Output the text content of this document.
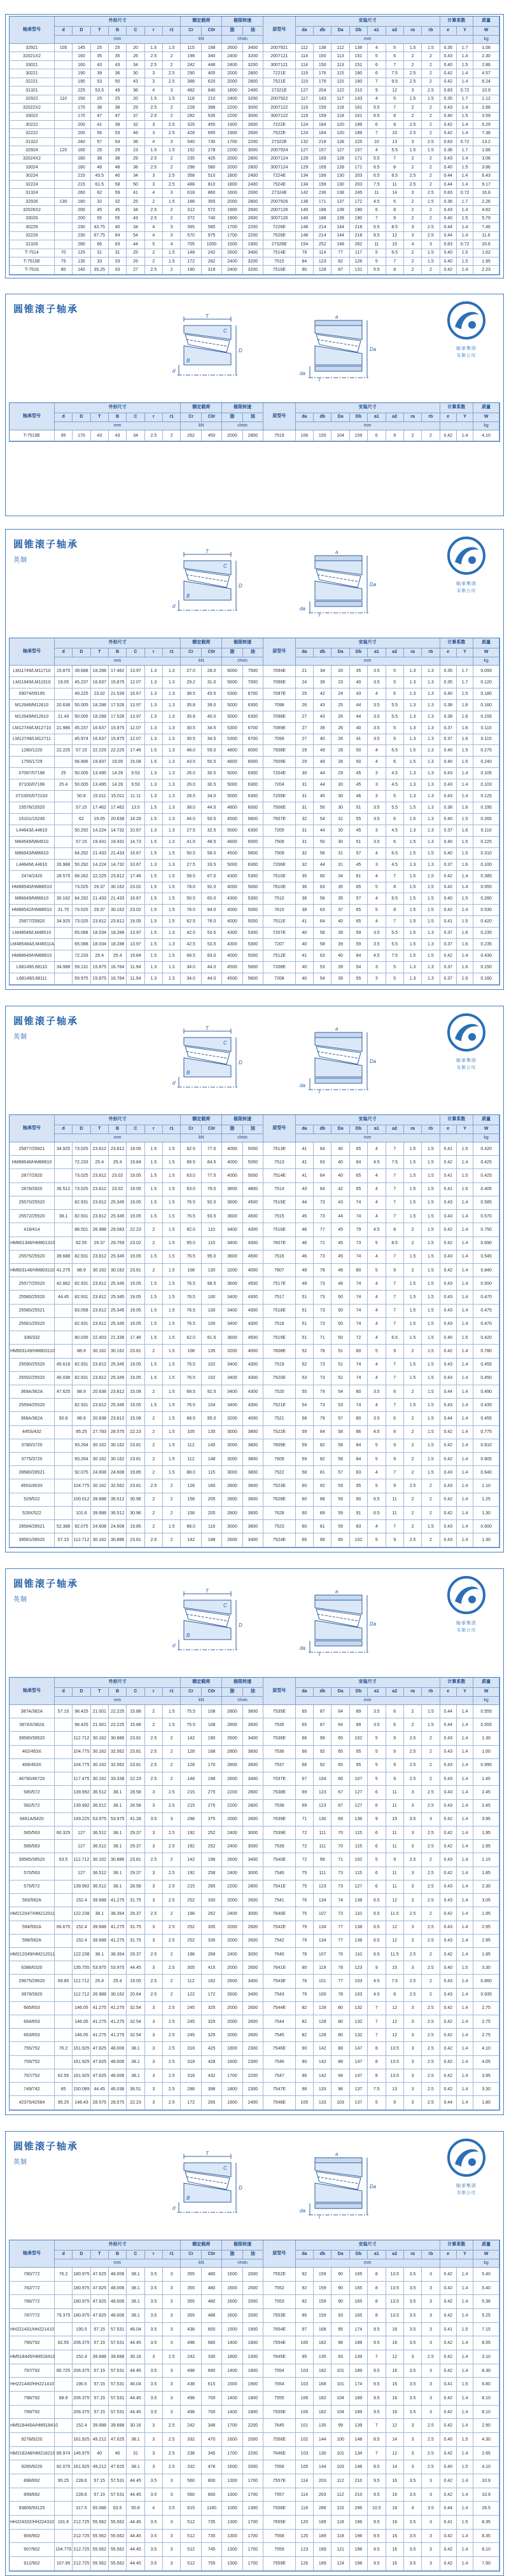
轴承型号	外形尺寸							额定载荷		极限转速		原型号	安装尺寸								计算系数		质量
	d	D	T	B	C	r	r1	Cr	C0r	脂	油		da	db	Da	Db	a1	a2	ra	rb	e	Y	W
	mm							kN		r/min			mm										kg
32921	105	145	25	25	20	1.5	1.5	115	198	2600	3400	2007921	112	138	112	138	4	5	1.5	1.5	0.35	1.7	1.08
32021X2		160	35	35	26	2.5	2	198	340	2400	3200	2007121	114	150	113	151	5	6	2	2	0.43	1.4	2.30
33021		160	43	43	34	2.5	2	242	448	2400	3200	3007121	114	150	113	151	6	7	2	2	0.40	1.5	2.86
30221		190	39	36	30	3	2.5	290	405	2000	2800	7221E	119	176	115	180	6	7.5	2.5	2	0.42	1.4	4.57
32221		190	53	50	43	3	2.5	388	620	2000	2800	7521E	119	176	115	180	7	9.5	2.5	2	0.42	1.4	6.24
31321		225	53.5	49	36	4	3	482	640	1800	2400	27321E	127	204	122	210	9	12	3	2.5	0.83	0.72	10.9
32922	110	150	25	25	20	1.5	1.5	118	210	2400	3200	2007922	117	143	117	143	4	5	1.5	1.5	0.35	1.7	1.12
32022X2		170	38	38	29	2.5	2	228	398	2200	3000	2007122	119	159	118	161	5.5	7	2	2	0.43	1.4	2.88
33022		170	47	47	37	2.5	2	282	535	2200	3000	3007122	119	159	118	161	6.5	8	2	2	0.40	1.5	3.59
30222		200	41	38	32	3	2.5	325	455	1900	2600	7222E	124	184	120	189	6	8	2.5	2	0.42	1.4	5.29
32222		200	56	53	46	3	2.5	428	695	1900	2600	7522E	124	184	120	189	7	10	2.5	2	0.42	1.4	7.38
31322		240	57	54	38	4	3	540	730	1700	2200	27322E	132	218	128	225	10	13	3	2.5	0.83	0.72	13.2
32924	120	165	29	29	23	1.5	1.5	152	278	2200	3000	2007924	127	157	127	157	4	5.5	1.5	1.5	0.36	1.7	1.66
32024X2		180	38	38	29	2.5	2	235	425	2000	2800	2007124	129	169	128	171	5.5	7	2	2	0.43	1.4	3.06
33024		180	48	48	38	2.5	2	298	580	2000	2800	3007124	129	169	128	171	6.5	8	2	2	0.40	1.5	3.86
30224		215	43.5	40	34	3	2.5	358	510	1800	2400	7224E	134	199	130	203	6.5	8.5	2.5	2	0.44	1.4	6.43
32224		215	61.5	58	50	3	2.5	488	810	1800	2400	7524E	134	199	130	203	7.5	11	2.5	2	0.44	1.4	9.17
31324		260	62	59	41	4	3	618	860	1600	2000	27324E	142	236	138	245	11	14	3	2.5	0.83	0.72	16.8
32926	130	180	32	32	25	2	1.5	188	355	2000	2800	2007926	138	171	137	172	4.5	6	2	1.5	0.36	1.7	2.26
32026X2		200	45	45	34	2.5	2	312	572	1900	2600	2007126	140	188	139	190	6	8	2	2	0.43	1.4	4.62
33026		200	55	55	43	2.5	2	372	740	1900	2600	3007126	140	188	139	190	7	9	2	2	0.40	1.5	5.79
30226		230	43.75	40	34	4	3	395	585	1700	2200	7226E	148	214	144	218	6.5	8.5	3	2.5	0.44	1.4	7.46
32226		230	67.75	64	54	4	3	570	975	1700	2200	7526E	148	214	144	218	8.5	12	3	2.5	0.44	1.4	11.6
31326		280	66	63	44	5	4	705	1000	1500	1900	27326E	154	252	148	262	11	15	4	3	0.83	0.72	20.6
T-7514	70	125	31	31	25	2	1.5	148	242	2600	3400	7514E	79	114	77	117	5	6.5	2	1.5	0.40	1.5	1.62
T-7515E	75	135	33	33	26	2	1.5	172	282	2400	3200	7515	84	123	82	126	5	7	2	1.5	0.40	1.5	1.95
T-7516	80	140	35.25	33	27	2.5	2	190	318	2400	3200	7516E	90	128	87	131	5.5	8	2	2	0.42	1.4	2.23
圆锥滚子轴承
T
B
C
d
D
a
da
Da
r
轴承集团
有限公司
轴承型号	外形尺寸							额定载荷		极限转速		原型号	安装尺寸								计算系数		质量
	d	D	T	B	C	r	r1	Cr	C0r	脂	油		da	db	Da	Db	a1	a2	ra	rb	e	Y	W
	mm							kN		r/min			mm										kg
T-7519E	95	170	43	43	34	2.5	2	262	450	2000	2800	7519	106	155	104	159	6	9	2	2	0.42	1.4	4.10
圆锥滚子轴承
英制
T
B
C
d
D
a
da
Da
r
轴承集团
有限公司
轴承型号	外形尺寸							额定载荷		极限转速		原型号	安装尺寸								计算系数		质量
	d	D	T	B	C	r	r1	Cr	C0r	脂	油		da	db	Da	Db	a1	a2	ra	rb	e	Y	W
	mm							kN		r/min			mm										kg
LM11749/LM11710	15.875	39.688	18.288	17.462	13.97	1.3	1.3	27.0	28.0	6000	7500	7094E	21	34	20	35	3.5	5	1.3	1.3	0.35	1.7	0.093
LM11949/LM11910	19.05	45.237	16.637	15.875	12.07	1.3	1.3	29.2	31.0	5600	7000	7096E	24	39	23	40	3.5	5	1.3	1.3	0.35	1.7	0.120
09074/09195		49.225	23.02	21.539	16.67	1.3	1.3	38.5	43.5	5300	6700	7097E	25	42	24	43	4	6	1.3	1.3	0.40	1.5	0.180
M12648/M12610	20.638	50.005	18.288	17.526	13.97	1.3	1.3	35.8	39.0	5000	6300	7098	26	43	25	44	3.5	5.5	1.3	1.3	0.38	1.6	0.160
M12649/M12610	21.43	50.005	18.288	17.526	13.97	1.3	1.3	35.8	40.0	5000	6300	7098E	27	43	26	44	3.5	5.5	1.3	1.3	0.38	1.6	0.155
LM12749/LM12710	21.986	45.237	16.637	15.875	12.07	1.3	1.3	30.5	34.5	5300	6700	7099E	27	39	26	40	3.5	5	1.3	1.3	0.37	1.6	0.110
LM12749/LM12711		45.974	16.637	15.875	12.07	1.3	1.3	30.5	34.5	5300	6700	7099	27	40	26	41	3.5	5	1.3	1.3	0.37	1.6	0.115
1280/1220	22.225	57.15	22.225	22.225	17.46	1.5	1.3	48.0	55.0	4800	6000	7508E	29	49	28	50	4	6.5	1.5	1.3	0.40	1.5	0.275
1755/1729		56.896	19.837	19.05	15.08	1.5	1.3	43.5	50.5	4800	6000	7509E	29	49	28	50	4	6	1.5	1.3	0.40	1.5	0.240
07097/07196	25	50.005	13.495	14.26	9.53	1.3	1.3	26.0	30.5	5000	6300	7204E	30	44	29	45	3	4.5	1.3	1.3	0.43	1.4	0.105
07100/07196	25.4	50.005	13.495	14.26	9.53	1.3	1.3	26.0	30.5	5000	6300	7204	31	44	30	45	3	4.5	1.3	1.3	0.43	1.4	0.103
07100S/07210X		50.8	15.011	15.011	11.11	1.3	1.3	28.5	34.0	5000	6300	7205E	31	45	30	46	3	5	1.3	1.3	0.43	1.4	0.125
15578/15520		57.15	17.462	17.462	13.5	1.5	1.3	38.0	44.5	4800	6000	7506E	31	50	30	51	3.5	5.5	1.5	1.3	0.38	1.6	0.195
15101/15245		62	19.05	20.638	14.29	1.5	1.3	44.0	50.5	4500	5600	7507E	32	54	31	55	3.5	6	1.5	1.3	0.40	1.5	0.265
L44643/L44610		50.292	14.224	14.732	10.67	1.3	1.3	27.5	32.5	5000	6300	7205	31	44	30	45	3	4.5	1.3	1.3	0.37	1.6	0.110
M84548/M84510		57.15	19.431	19.431	14.73	1.5	1.3	41.5	48.5	4800	6000	7508	31	50	30	51	3.5	6	1.5	1.3	0.40	1.5	0.225
M86643/M86610		64.292	21.433	21.433	16.67	1.5	1.5	50.5	58.0	4500	5600	7509	32	56	31	57	4	6.5	1.5	1.5	0.40	1.5	0.310
L44649/L44610	26.988	50.292	14.224	14.732	10.67	1.3	1.3	27.5	33.5	5000	6300	7206E	32	44	31	45	3	4.5	1.3	1.3	0.37	1.6	0.100
2474/2420	28.575	68.262	22.225	23.812	17.46	1.5	1.5	58.5	67.0	4300	5300	7510E	35	60	34	61	4	7	1.5	1.5	0.42	1.4	0.385
HM88540/HM88510		73.025	29.37	30.162	23.02	1.5	1.5	78.0	92.0	4000	5000	7610E	36	63	35	65	5	8	1.5	1.5	0.42	1.4	0.555
M86649/M86610	30.162	64.292	21.433	21.433	16.67	1.5	1.5	50.5	60.0	4300	5300	7510	36	56	35	57	4	6.5	1.5	1.5	0.40	1.5	0.280
HM88542/HM88510	31.75	73.025	29.37	30.162	23.02	1.5	1.5	78.0	94.0	4000	5000	7610	38	63	37	65	5	8	1.5	1.5	0.42	1.4	0.530
25877/25820	34.925	73.025	23.812	23.812	19.05	1.5	1.5	62.5	76.0	4000	5000	7511E	41	64	40	65	4	7	1.5	1.5	0.41	1.5	0.420
LM48548/LM48510		65.088	18.034	18.288	13.97	1.5	1.3	42.5	53.5	4300	5300	7207E	40	58	39	59	3.5	5.5	1.5	1.3	0.37	1.6	0.235
LM48548A/LM48511A		65.088	18.034	18.288	13.97	1.5	1.3	42.5	53.5	4300	5300	7207	40	58	39	59	3.5	5.5	1.5	1.3	0.37	1.6	0.235
HM88649/HM88610		72.233	25.4	25.4	19.84	1.5	1.5	68.5	83.0	4000	5000	7512E	41	63	40	64	4.5	7.5	1.5	1.5	0.42	1.4	0.430
L68149/L68110	34.988	59.131	15.875	16.764	11.94	1.3	1.3	34.0	44.0	4500	5600	7208E	40	53	39	54	3	5	1.3	1.3	0.37	1.6	0.150
L68149/L68111		59.975	15.875	16.764	11.94	1.3	1.3	34.0	44.0	4500	5600	7208	40	54	39	55	3	5	1.3	1.3	0.37	1.6	0.160
圆锥滚子轴承
英制
T
B
C
d
D
a
da
Da
r
轴承集团
有限公司
轴承型号	外形尺寸							额定载荷		极限转速		原型号	安装尺寸								计算系数		质量
	d	D	T	B	C	r	r1	Cr	C0r	脂	油		da	db	Da	Db	a1	a2	ra	rb	e	Y	W
	mm							kN		r/min			mm										kg
25877/25821	34.925	73.025	23.812	23.812	19.05	1.5	1.5	62.5	77.0	4000	5000	7513E	41	64	40	65	4	7	1.5	1.5	0.41	1.5	0.420
HM88648/HM88610		72.233	25.4	25.4	19.84	1.5	1.5	68.5	84.5	4000	5000	7513	41	63	40	64	4.5	7.5	1.5	1.5	0.42	1.4	0.425
2877/2820		73.025	23.812	23.02	19.05	1.5	1.5	63.0	77.5	4000	5000	7514E	41	64	40	65	4	7	1.5	1.5	0.41	1.5	0.425
2878/2820	36.512	73.025	23.812	23.02	19.05	1.5	1.5	63.0	79.0	3800	4800	7514	43	64	42	65	4	7	1.5	1.5	0.41	1.5	0.405
25570/25520		82.931	23.812	25.345	19.05	1.5	1.5	76.5	92.0	3600	4500	7515E	44	73	43	74	4	7	1.5	1.5	0.43	1.4	0.585
25572/25520	38.1	82.931	23.812	25.345	19.05	1.5	1.5	76.5	93.5	3600	4500	7515	45	73	44	74	4	7	1.5	1.5	0.43	1.4	0.570
418/414		88.501	26.988	29.083	22.23	2	1.5	92.0	110	3400	4300	7516E	46	77	45	79	4.5	8	2	1.5	0.42	1.4	0.750
HM801346/HM801310		82.55	29.37	29.769	23.02	2	1.5	95.0	115	3400	4300	7607E	46	72	45	73	5	8.5	2	1.5	0.42	1.4	0.690
25575/25520	39.688	82.931	23.812	25.345	19.05	1.5	1.5	76.5	95.0	3600	4500	7516	46	73	45	74	4	7	1.5	1.5	0.43	1.4	0.545
HM803146/HM803110	41.275	88.9	30.162	30.162	23.81	2	1.5	108	130	3200	4000	7607	49	78	48	80	5	9	2	1.5	0.42	1.4	0.840
25577/25520	42.862	82.931	23.812	25.345	19.05	1.5	1.5	76.5	98.5	3600	4500	7517E	49	73	48	74	4	7	1.5	1.5	0.43	1.4	0.500
25580/25520	44.45	82.931	23.812	25.345	19.05	1.5	1.5	76.5	100	3400	4300	7517	51	73	50	74	4	7	1.5	1.5	0.43	1.4	0.470
25580/25521		83.058	23.812	25.345	19.05	1.5	1.5	76.5	100	3400	4300	7518E	51	73	50	74	4	7	1.5	1.5	0.43	1.4	0.475
25581/25520		82.931	23.812	25.345	19.05	1.5	1.5	76.5	100	3400	4300	7518	51	73	50	74	4	7	1.5	1.5	0.43	1.4	0.470
336/332		80.035	22.403	21.336	17.46	1.5	1.5	62.0	81.5	3600	4500	7519E	51	71	50	72	4	6.5	1.5	1.5	0.40	1.5	0.420
HM803149/HM803110		88.9	30.162	30.162	23.81	2	1.5	108	135	3200	4000	7608E	52	78	51	80	5	9	2	1.5	0.42	1.4	0.780
25590/25520	45.618	82.931	23.812	25.345	19.05	1.5	1.5	76.5	102	3400	4300	7519	52	73	51	74	4	7	1.5	1.5	0.43	1.4	0.455
25592/25520	46.038	82.931	23.812	25.345	19.05	1.5	1.5	76.5	102	3400	4300	7520E	53	73	52	74	4	7	1.5	1.5	0.43	1.4	0.450
369A/362A	47.625	88.9	20.638	23.812	15.08	2	1.5	68.5	92.5	3400	4300	7520	55	79	54	80	3.5	6	2	1.5	0.44	1.4	0.490
25594/25520		82.931	23.812	25.345	19.05	1.5	1.5	76.5	104	3400	4300	7521E	54	73	53	74	4	7	1.5	1.5	0.43	1.4	0.435
368A/362A	50.8	88.9	20.638	23.812	15.08	2	1.5	68.5	95.0	3200	4000	7521	58	79	57	80	3.5	6	2	1.5	0.44	1.4	0.455
445S/432		95.25	27.783	28.575	22.23	2	1.5	105	135	3000	3800	7522E	59	84	58	86	4.5	8	2	1.5	0.42	1.4	0.775
3780/3720		93.264	30.162	30.162	23.81	2	1.5	112	145	3000	3800	7609E	59	82	58	84	5	9	2	1.5	0.42	1.4	0.810
3775/3720		93.264	30.162	30.162	23.81	2	1.5	112	148	3000	3800	7609	59	82	58	84	5	9	2	1.5	0.42	1.4	0.805
28580/28521		92.075	24.608	24.608	19.85	2	1.5	88.0	115	3000	3800	7522	58	81	57	83	4	7	2	1.5	0.43	1.4	0.640
455S/453X		104.775	30.162	32.562	23.81	2.5	2	128	160	2800	3600	7523E	60	92	59	95	5	9	2.5	2	0.43	1.4	1.10
529/522		100.012	39.688	36.512	30.96	2	2	158	205	2800	3600	7628E	60	88	59	90	6.5	11	2	2	0.42	1.4	1.25
529X/522		101.6	39.688	36.512	30.96	2	2	158	205	2800	3600	7628	60	89	59	91	6.5	11	2	2	0.42	1.4	1.30
28584/28521	52.388	92.075	24.608	24.608	19.85	2	1.5	88.0	118	3000	3800	7523	60	81	59	83	4	7	2	1.5	0.43	1.4	0.600
39581/39520	57.15	112.712	30.162	30.886	23.81	2.5	2	142	188	2600	3400	7524E	66	99	65	102	5	9	2.5	2	0.43	1.4	1.30
圆锥滚子轴承
英制
T
B
C
d
D
a
da
Da
r
轴承集团
有限公司
轴承型号	外形尺寸							额定载荷		极限转速		原型号	安装尺寸								计算系数		质量
	d	D	T	B	C	r	r1	Cr	C0r	脂	油		da	db	Da	Db	a1	a2	ra	rb	e	Y	W
	mm							kN		r/min			mm										kg
387A/382A	57.15	98.425	21.001	22.225	15.88	2	1.5	75.5	108	2800	3600	7535E	65	87	64	89	3.5	6	2	1.5	0.44	1.4	0.555
387AS/382A		98.425	21.001	22.225	15.88	2	1.5	75.5	108	2800	3600	7535	65	87	64	89	3.5	6	2	1.5	0.44	1.4	0.555
39580/39520		112.712	30.162	30.886	23.81	2.5	2	142	190	2600	3400	7536E	66	99	65	102	5	9	2.5	2	0.43	1.4	1.30
462/453X		104.775	30.162	32.562	23.81	2.5	2	128	168	2800	3600	7536	66	92	65	95	5	9	2.5	2	0.43	1.4	1.00
469/453X		104.775	30.162	32.562	23.81	2.5	2	128	170	2800	3600	7537	66	92	65	95	5	9	2.5	2	0.43	1.4	0.995
46790/46720		117.475	30.162	33.338	22.23	2.5	2	148	198	2600	3400	7537E	67	104	66	107	5	9	2.5	2	0.43	1.4	1.45
580/572		139.992	36.512	38.1	28.58	3	2.5	215	275	2200	2800	7538E	69	123	67	127	6	11	3	2.5	0.43	1.4	2.45
582/572		139.992	36.512	38.1	28.58	3	2.5	215	275	2200	2800	7538	69	123	67	127	6	11	3	2.5	0.43	1.4	2.45
6461A/6420		149.225	53.975	53.975	41.28	3.5	3	298	375	2000	2600	7639E	71	130	69	136	9	15	3.5	3	0.42	1.4	3.95
565/563	60.325	127	36.512	38.1	29.37	3	2.5	192	252	2400	3000	7539E	72	111	70	115	6	11	3	2.5	0.42	1.4	1.95
566/563		127	36.512	38.1	29.37	3	2.5	192	252	2400	3000	7539	72	111	70	115	6	11	3	2.5	0.42	1.4	1.95
39585/39520	63.5	112.712	30.162	30.886	23.81	2.5	2	142	198	2600	3400	7540E	72	99	71	102	5	9	2.5	2	0.43	1.4	1.15
570/563		127	36.512	38.1	29.37	3	2.5	192	258	2400	3000	7540	75	111	73	115	6	11	3	2.5	0.42	1.4	1.85
575/572		139.992	36.512	38.1	28.58	3	2.5	215	285	2200	2800	7541E	75	123	73	127	6	11	3	2.5	0.43	1.4	2.30
593/592A		152.4	39.688	41.275	31.75	3	2.5	252	330	2000	2600	7541	76	134	74	138	6.5	12	3	2.5	0.43	1.4	3.05
HM212047/HM212011		122.238	38.1	38.354	29.37	2.5	2	198	262	2400	3000	7640E	75	107	73	110	6.5	11.5	2.5	2	0.42	1.4	1.95
594/592A	66.675	152.4	39.688	41.275	31.75	3	2.5	252	335	2000	2600	7542E	79	134	77	138	6.5	12	3	2.5	0.43	1.4	2.95
598/592A		152.4	39.688	41.275	31.75	3	2.5	252	335	2000	2600	7542	79	134	77	138	6.5	12	3	2.5	0.43	1.4	2.95
HM212049/HM212011		122.238	38.1	38.354	29.37	2.5	2	198	268	2400	3000	7640	78	107	76	110	6.5	11.5	2.5	2	0.42	1.4	1.85
6386/6320		135.755	53.975	53.975	44.45	3	2.5	305	415	2000	2600	7641E	80	119	78	123	9	15	3	2.5	0.40	1.5	3.30
29675/29620	69.85	112.712	25.4	25.4	19.05	2.5	2	112	162	2600	3400	7543E	78	101	77	103	4.5	7.5	2.5	2	0.43	1.4	0.860
3979/3920		112.712	26.988	30.162	20.64	2.5	2	122	172	2600	3400	7543	79	100	78	103	4.5	8	2.5	2	0.43	1.4	0.935
665/653		146.05	41.275	41.275	32.54	3	2.5	245	325	2000	2600	7544E	82	128	80	132	7	12	3	2.5	0.42	1.4	2.75
664/653		146.05	41.275	41.275	32.54	3	2.5	245	325	2000	2600	7544	82	128	80	132	7	12	3	2.5	0.42	1.4	2.75
663/653		146.05	41.275	41.275	32.54	3	2.5	245	325	2000	2600	7545	82	128	80	132	7	12	3	2.5	0.42	1.4	2.75
755/752	76.2	161.925	47.625	48.006	38.1	3	2.5	318	425	1800	2300	7546E	90	142	88	147	8	13.5	3	2.5	0.42	1.4	4.10
759/752		161.925	47.625	48.006	38.1	3	2.5	318	428	1800	2300	7546	90	142	88	147	8	13.5	3	2.5	0.42	1.4	4.05
767/752	82.55	161.925	47.625	48.006	38.1	3	2.5	318	432	1700	2200	7547	96	142	94	147	8	13.5	3	2.5	0.42	1.4	3.95
749/742	85	150.089	44.45	46.038	36.51	3	2.5	288	398	1800	2300	7547E	98	133	96	137	7.5	13	3	2.5	0.42	1.4	3.30
42375/42584	95.25	148.43	28.575	28.575	22.23	3	2.5	172	265	1900	2400	7548E	105	133	103	137	5	9	3	2.5	0.44	1.4	1.80
圆锥滚子轴承
英制
T
B
C
d
D
a
da
Da
r
轴承集团
有限公司
轴承型号	外形尺寸							额定载荷		极限转速		原型号	安装尺寸								计算系数		质量
	d	D	T	B	C	r	r1	Cr	C0r	脂	油		da	db	Da	Db	a1	a2	ra	rb	e	Y	W
	mm							kN		r/min			mm										kg
780/772	76.2	180.975	47.625	48.006	38.1	3.5	3	355	480	1600	2000	7552E	92	159	90	165	8	13.5	3.5	3	0.42	1.4	5.40
782/772		180.975	47.625	48.006	38.1	3.5	3	355	480	1600	2000	7552	92	159	90	165	8	13.5	3.5	3	0.42	1.4	5.40
786/772		180.975	47.625	48.006	38.1	3.5	3	355	480	1600	2000	7553	92	159	90	165	8	13.5	3.5	3	0.42	1.4	5.38
787/772	79.375	180.975	47.625	48.006	38.1	3.5	3	355	488	1600	2000	7553E	95	159	93	165	8	13.5	3.5	3	0.42	1.4	5.25
HH221431/HH221410		190.5	57.15	57.531	46.04	3.5	3	438	600	1500	1900	7654E	97	168	95	174	9.5	16	3.5	3	0.41	1.5	7.15
795/792	82.55	206.375	57.15	57.531	44.45	3.5	3	498	680	1400	1800	7554E	100	182	98	189	9.5	16	3.5	3	0.42	1.4	8.55
HM518445/HM518410		152.4	39.688	39.688	30.16	3	2.5	242	330	1800	2300	7645E	95	135	93	139	7	12	3	2.5	0.42	1.4	3.10
797/792	85.725	206.375	57.15	57.531	44.45	3.5	3	498	690	1400	1800	7554	103	182	101	189	9.5	16	3.5	3	0.42	1.4	8.30
HH221440/HH221410		190.5	57.15	57.531	46.04	3.5	3	438	615	1500	1900	7654	103	168	101	174	9.5	16	3.5	3	0.41	1.5	6.80
798/792	88.9	206.375	57.15	57.531	44.45	3.5	3	498	700	1400	1800	7555	106	182	104	189	9.5	16	3.5	3	0.42	1.4	8.10
799/792		206.375	57.15	57.531	44.45	3.5	3	498	700	1400	1800	7555E	106	182	104	189	9.5	16	3.5	3	0.42	1.4	8.10
HM518445A/HM518410		152.4	39.688	39.688	30.16	3	2.5	242	348	1700	2200	7645	101	135	99	139	7	12	3	2.5	0.42	1.4	2.90
9278/9220		161.925	49.212	47.625	38.1	3	2.5	332	470	1600	2000	7556E	102	144	100	148	8.5	14	3	2.5	0.40	1.5	4.30
HM218248/HM218210	89.974	146.975	40	40	31	3	2.5	238	345	1700	2200	7646E	103	130	101	134	7	12	3	2.5	0.42	1.4	2.65
9285/9220	92.075	161.925	49.212	47.625	38.1	3	2.5	332	478	1600	2000	7556	105	144	103	148	8.5	14	3	2.5	0.40	1.5	4.10
898/892	95.25	228.6	57.15	57.531	44.45	3.5	3	560	800	1300	1700	7557E	114	203	112	210	9.5	16	3.5	3	0.42	1.4	10.9
899/892		228.6	57.15	57.531	44.45	3.5	3	560	800	1300	1700	7557	114	203	112	210	9.5	16	3.5	3	0.42	1.4	10.9
93806/93125		317.5	65.088	63.5	50.8	4	3.5	815	1180	1000	1300	7558E	118	286	115	296	10.5	18	4	3.5	0.44	1.4	26.5
HH224332/HH224310	101.6	212.725	55.562	55.562	44.45	3.5	3	512	735	1300	1700	7655E	120	189	118	196	9.5	16	3.5	3	0.41	1.5	8.35
905/902		212.725	55.562	55.562	44.45	3.5	3	512	735	1300	1700	7558	120	189	118	196	9.5	16	3.5	3	0.42	1.4	8.35
907/902	104.775	212.725	55.562	55.562	44.45	3.5	3	512	745	1300	1700	7559	123	189	121	196	9.5	16	3.5	3	0.42	1.4	8.10
912/902	107.95	212.725	55.562	55.562	44.45	3.5	3	512	755	1300	1700	7559E	126	189	124	196	9.5	16	3.5	3	0.42	1.4	7.90
